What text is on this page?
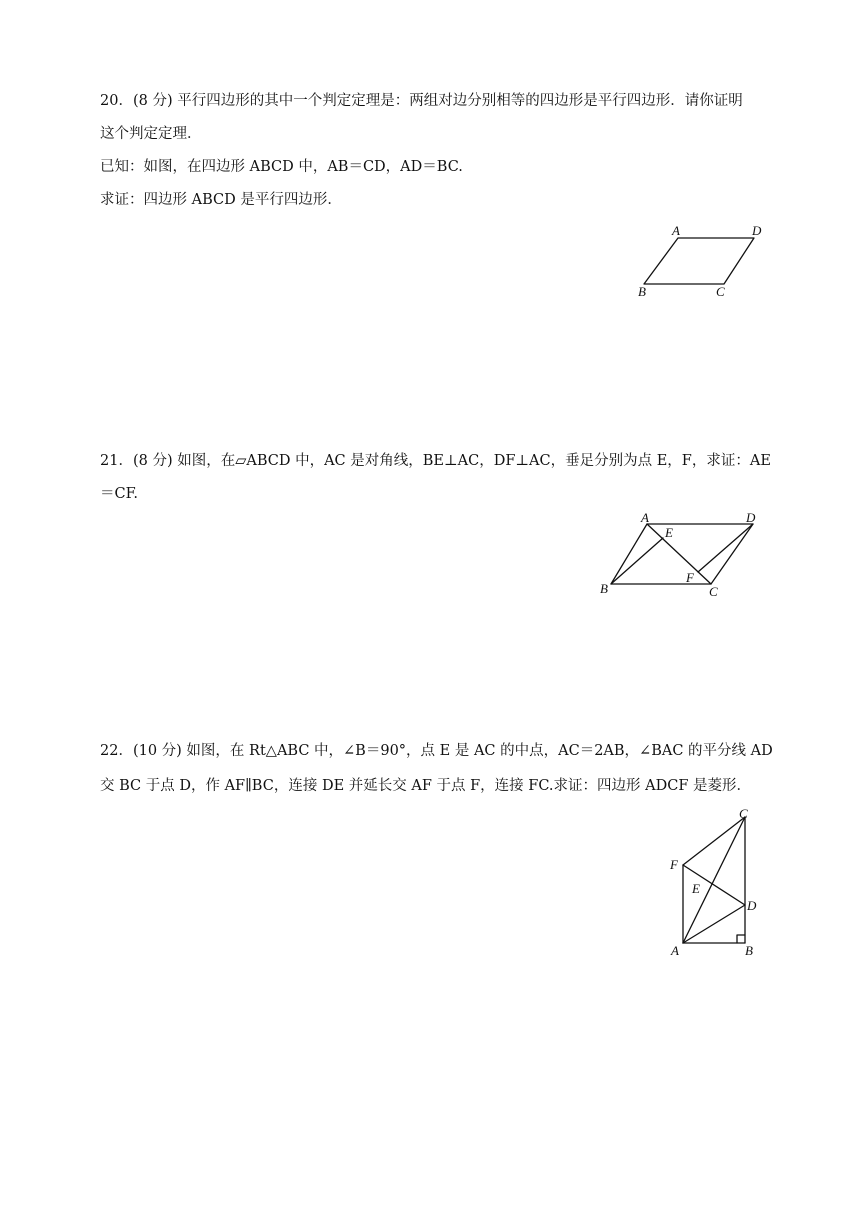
20．(8 分) 平行四边形的其中一个判定定理是：两组对边分别相等的四边形是平行四边形．请你证明
这个判定定理．
已知：如图，在四边形 ABCD 中，AB＝CD，AD＝BC.
求证：四边形 ABCD 是平行四边形．
A	D
B	C
21．(8 分) 如图，在▱ABCD 中，AC 是对角线，BE⊥AC，DF⊥AC，垂足分别为点 E，F，求证：AE
＝CF.
A	D
E
F
B	C
22．(10 分) 如图，在 Rt△ABC 中，∠B＝90°，点 E 是 AC 的中点，AC＝2AB，∠BAC 的平分线 AD
交 BC 于点 D，作 AF∥BC，连接 DE 并延长交 AF 于点 F，连接 FC.求证：四边形 ADCF 是菱形．
C
F
E
D
A	B
